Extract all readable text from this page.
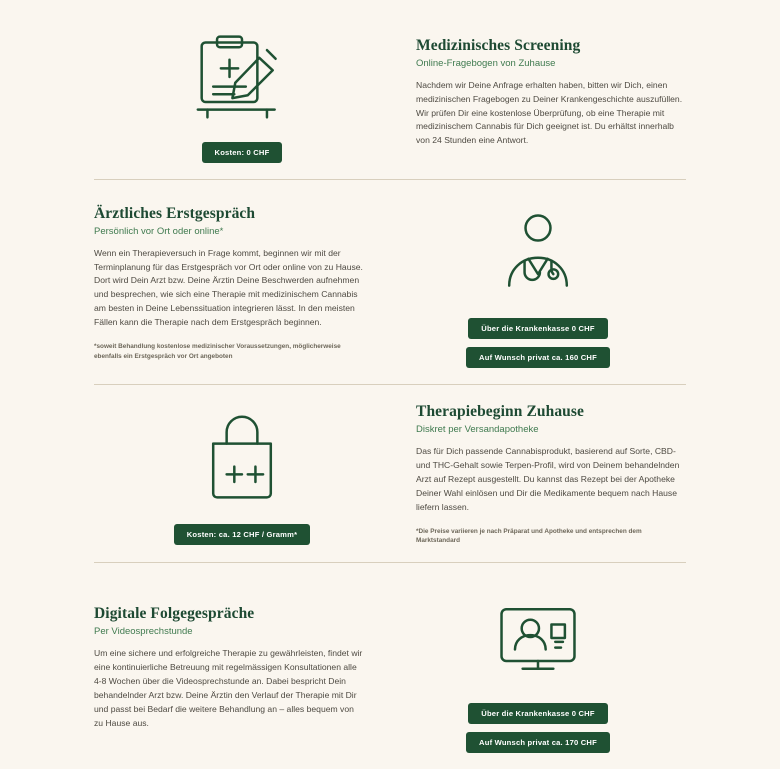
Kosten: 0 CHF
Medizinisches Screening

Online-Fragebogen von Zuhause

Nachdem wir Deine Anfrage erhalten haben, bitten wir Dich, einen medizinischen Fragebogen zu Deiner Krankengeschichte auszufüllen. Wir prüfen Dir eine kostenlose Überprüfung, ob eine Therapie mit medizinischem Cannabis für Dich geeignet ist. Du erhältst innerhalb von 24 Stunden eine Antwort.

Ärztliches Erstgespräch

Persönlich vor Ort oder online*

Wenn ein Therapieversuch in Frage kommt, beginnen wir mit der Terminplanung für das Erstgespräch vor Ort oder online von zu Hause. Dort wird Dein Arzt bzw. Deine Ärztin Deine Beschwerden aufnehmen und besprechen, wie sich eine Therapie mit medizinischem Cannabis am besten in Deine Lebenssituation integrieren lässt. In den meisten Fällen kann die Therapie nach dem Erstgespräch beginnen.

*soweit Behandlung kostenlose medizinischer Voraussetzungen, möglicherweise ebenfalls ein Erstgespräch vor Ort angeboten

Über die Krankenkasse 0 CHF
Auf Wunsch privat ca. 160 CHF
Kosten: ca. 12 CHF / Gramm*
Therapiebeginn Zuhause

Diskret per Versandapotheke

Das für Dich passende Cannabisprodukt, basierend auf Sorte, CBD- und THC-Gehalt sowie Terpen-Profil, wird von Deinem behandelnden Arzt auf Rezept ausgestellt. Du kannst das Rezept bei der Apotheke Deiner Wahl einlösen und Dir die Medikamente bequem nach Hause liefern lassen.

*Die Preise variieren je nach Präparat und Apotheke und entsprechen dem Marktstandard

Digitale Folgegespräche

Per Videosprechstunde

Um eine sichere und erfolgreiche Therapie zu gewährleisten, findet wir eine kontinuierliche Betreuung mit regelmässigen Konsultationen alle 4-8 Wochen über die Videosprechstunde an. Dabei bespricht Dein behandelnder Arzt bzw. Deine Ärztin den Verlauf der Therapie mit Dir und passt bei Bedarf die weitere Behandlung an – alles bequem von zu Hause aus.

Über die Krankenkasse 0 CHF
Auf Wunsch privat ca. 170 CHF
